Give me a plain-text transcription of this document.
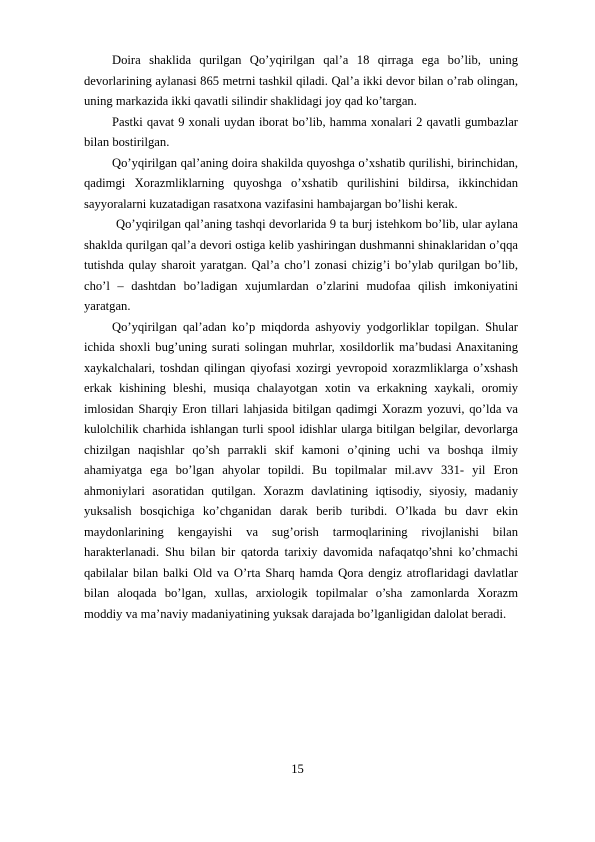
Doira shaklida qurilgan Qo’yqirilgan qal’a 18 qirraga ega bo’lib, uning devorlarining aylanasi 865 metrni tashkil qiladi. Qal’a ikki devor bilan o’rab olingan, uning markazida ikki qavatli silindir shaklidagi joy qad ko’targan.

Pastki qavat 9 xonali uydan iborat bo’lib, hamma xonalari 2 qavatli gumbazlar bilan bostirilgan.

Qo’yqirilgan qal’aning doira shakilda quyoshga o’xshatib qurilishi, birinchidan, qadimgi Xorazmliklarning quyoshga o’xshatib qurilishini bildirsa, ikkinchidan sayyoralarni kuzatadigan rasatxona vazifasini hambajargan bo’lishi kerak.

Qo’yqirilgan qal’aning tashqi devorlarida 9 ta burj istehkom bo’lib, ular aylana shaklda qurilgan qal’a devori ostiga kelib yashiringan dushmanni shinaklaridan o’qqa tutishda qulay sharoit yaratgan. Qal’a cho’l zonasi chizig’i bo’ylab qurilgan bo’lib, cho’l – dashtdan bo’ladigan xujumlardan o’zlarini mudofaa qilish imkoniyatini yaratgan.

Qo’yqirilgan qal’adan ko’p miqdorda ashyoviy yodgorliklar topilgan. Shular ichida shoxli bug’uning surati solingan muhrlar, xosildorlik ma’budasi Anaxitaning xaykalchalari, toshdan qilingan qiyofasi xozirgi yevropoid xorazmliklarga o’xshash erkak kishining bleshi, musiqa chalayotgan xotin va erkakning xaykali, oromiy imlosidan Sharqiy Eron tillari lahjasida bitilgan qadimgi Xorazm yozuvi, qo’lda va kulolchilik charhida ishlangan turli spool idishlar ularga bitilgan belgilar, devorlarga chizilgan naqishlar qo’sh parrakli skif kamoni o’qining uchi va boshqa ilmiy ahamiyatga ega bo’lgan ahyolar topildi. Bu topilmalar mil.avv 331- yil Eron ahmoniylari asoratidan qutilgan. Xorazm davlatining iqtisodiy, siyosiy, madaniy yuksalish bosqichiga ko’chganidan darak berib turibdi. O’lkada bu davr ekin maydonlarining kengayishi va sug’orish tarmoqlarining rivojlanishi bilan harakterlanadi. Shu bilan bir qatorda tarixiy davomida nafaqatqo’shni ko’chmachi qabilalar bilan balki Old va O’rta Sharq hamda Qora dengiz atroflaridagi davlatlar bilan aloqada bo’lgan, xullas, arxiologik topilmalar o’sha zamonlarda Xorazm moddiy va ma’naviy madaniyatining yuksak darajada bo’lganligidan dalolat beradi.

15
